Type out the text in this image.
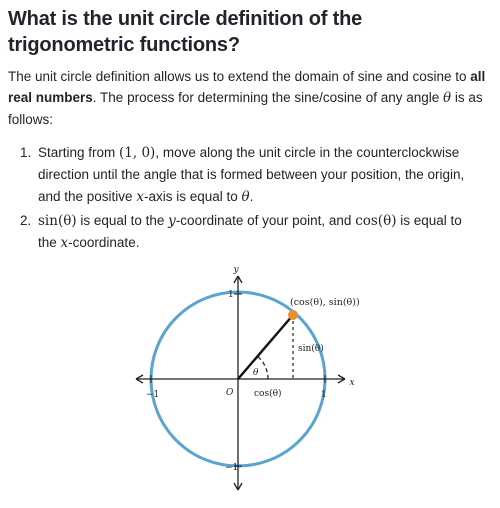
What is the unit circle definition of the trigonometric functions?

The unit circle definition allows us to extend the domain of sine and cosine to all real numbers. The process for determining the sine/cosine of any angle θ is as follows:

1. Starting from (1, 0), move along the unit circle in the counterclockwise direction until the angle that is formed between your position, the origin, and the positive x-axis is equal to θ.
2. sin(θ) is equal to the y-coordinate of your point, and cos(θ) is equal to the x-coordinate.
y
x
O	1
−1
1
−1
(cos(θ), sin(θ))
sin(θ)
cos(θ)
θ
